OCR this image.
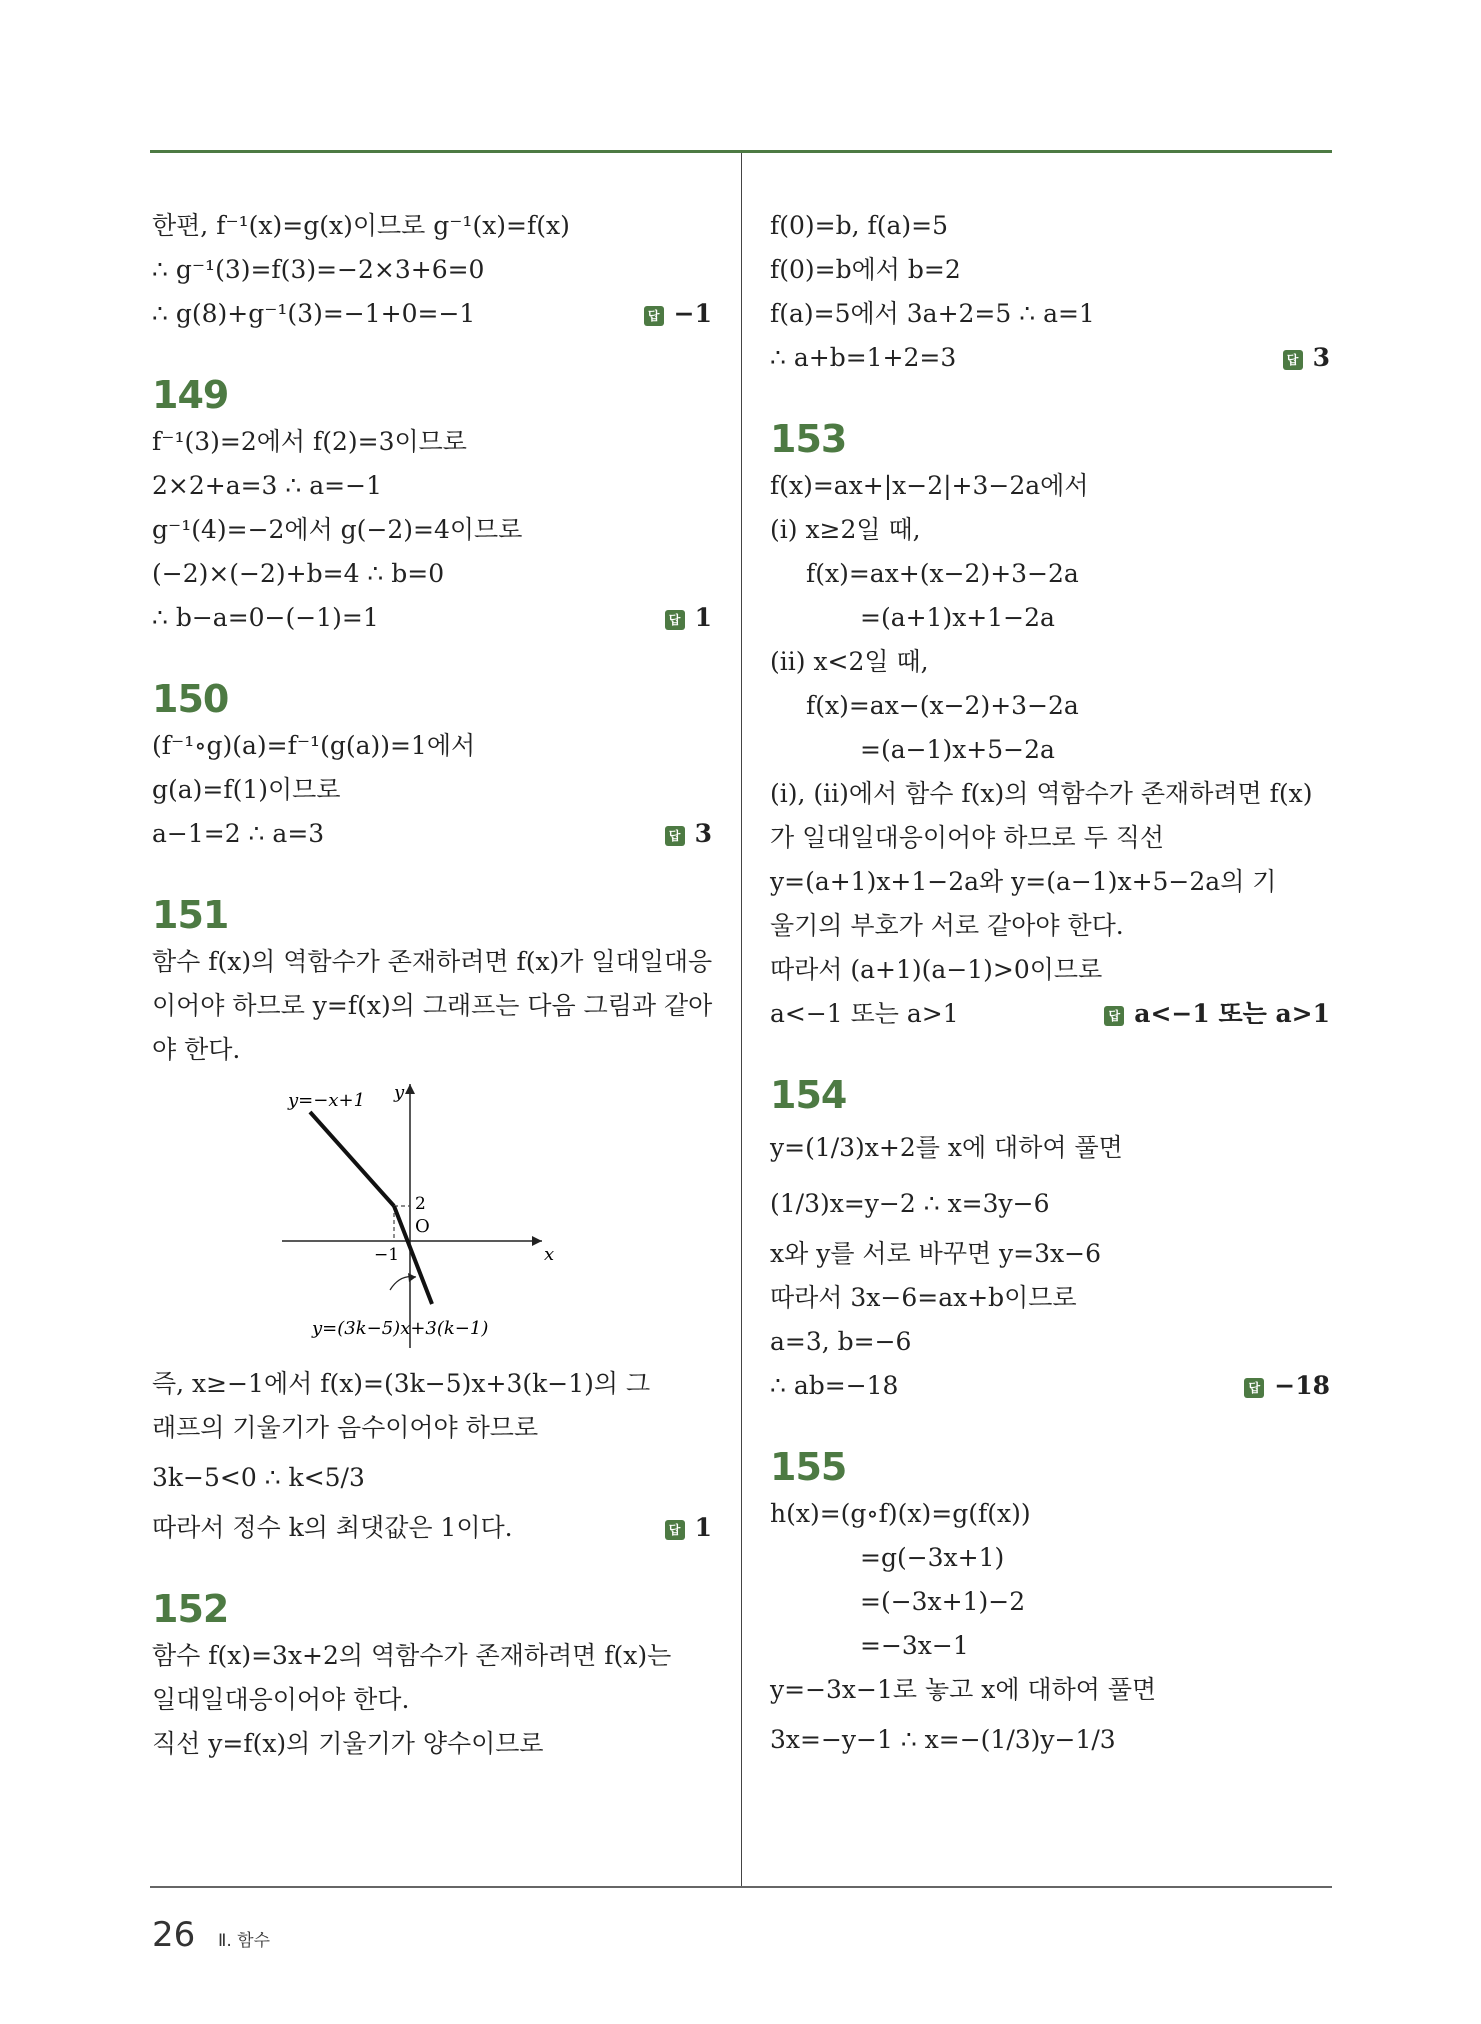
한편, f⁻¹(x)=g(x)이므로 g⁻¹(x)=f(x)
∴ g⁻¹(3)=f(3)=−2×3+6=0
∴ g(8)+g⁻¹(3)=−1+0=−1	답 −1
149
f⁻¹(3)=2에서 f(2)=3이므로
2×2+a=3 ∴ a=−1
g⁻¹(4)=−2에서 g(−2)=4이므로
(−2)×(−2)+b=4 ∴ b=0
∴ b−a=0−(−1)=1	답 1
150
(f⁻¹∘g)(a)=f⁻¹(g(a))=1에서
g(a)=f(1)이므로
a−1=2 ∴ a=3	답 3
151
함수 f(x)의 역함수가 존재하려면 f(x)가 일대일대응
이어야 하므로 y=f(x)의 그래프는 다음 그림과 같아
야 한다.
y=−x+1 y
x
O
2
−1
y=(3k−5)x+3(k−1)
즉, x≥−1에서 f(x)=(3k−5)x+3(k−1)의 그
래프의 기울기가 음수이어야 하므로
3k−5<0 ∴ k<5/3
따라서 정수 k의 최댓값은 1이다.	답 1
152
함수 f(x)=3x+2의 역함수가 존재하려면 f(x)는
일대일대응이어야 한다.
직선 y=f(x)의 기울기가 양수이므로
f(0)=b, f(a)=5
f(0)=b에서 b=2
f(a)=5에서 3a+2=5 ∴ a=1
∴ a+b=1+2=3	답 3
153
f(x)=ax+|x−2|+3−2a에서
(ⅰ) x≥2일 때,
f(x)=ax+(x−2)+3−2a
=(a+1)x+1−2a
(ⅱ) x<2일 때,
f(x)=ax−(x−2)+3−2a
=(a−1)x+5−2a
(ⅰ), (ⅱ)에서 함수 f(x)의 역함수가 존재하려면 f(x)
가 일대일대응이어야 하므로 두 직선
y=(a+1)x+1−2a와 y=(a−1)x+5−2a의 기
울기의 부호가 서로 같아야 한다.
따라서 (a+1)(a−1)>0이므로
a<−1 또는 a>1	답 a<−1 또는 a>1
154
y=(1/3)x+2를 x에 대하여 풀면
(1/3)x=y−2 ∴ x=3y−6
x와 y를 서로 바꾸면 y=3x−6
따라서 3x−6=ax+b이므로
a=3, b=−6
∴ ab=−18	답 −18
155
h(x)=(g∘f)(x)=g(f(x))
=g(−3x+1)
=(−3x+1)−2
=−3x−1
y=−3x−1로 놓고 x에 대하여 풀면
3x=−y−1 ∴ x=−(1/3)y−1/3
26 Ⅱ. 함수
